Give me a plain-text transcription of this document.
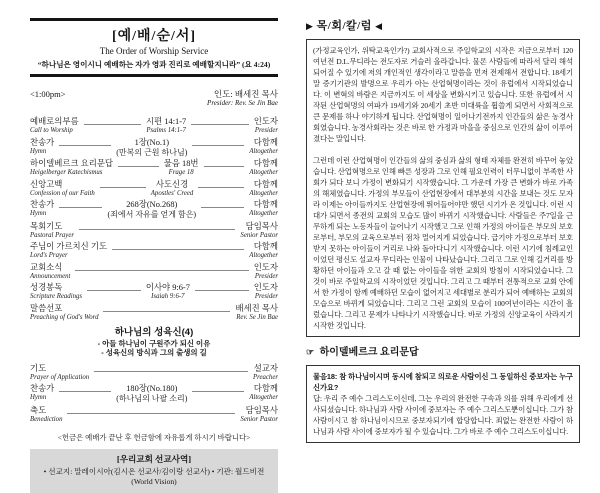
[예/배/순/서]
The Order of Worship Service
“하나님은 영이시니 예배하는 자가 영과 진리로 예배할지니라” (요 4:24)
<1:00pm>	인도: 배세진 목사
Presider: Rev. Se Jin Bae
예배로의부름
Call to Worship
시편 14:1-7
Psalms 14:1-7
인도자
Presider
찬송가
Hymn
1장(No.1)
(만복의 근원 하나님)
다함께
Altogether
하이델베르크 요리문답
Heigelberger Katechismus
물음 18번
Frage 18
다함께
Altogether
신앙고백
Confession of our Faith
사도신경
Apostles' Creed
다함께
Altogether
찬송가
Hymn
268장(No.268)
(죄에서 자유를 얻게 함은)
다함께
Altogether
목회기도
Pastoral Prayer
담임목사
Senior Pastor
주님이 가르치신 기도
Lord's Prayer
다함께
Altogether
교회소식
Announcement
인도자
Presider
성경봉독
Scripture Readings
이사야 9:6-7
Isaiah 9:6-7
인도자
Presider
말씀선포
Preaching of God's Word
배세진 목사
Rev. Se Jin Bae
하나님의 성육신(4)
- 아들 하나님이 구원주가 되신 이유
- 성육신의 방식과 그의 출생의 길
기도
Prayer of Application
설교자
Preacher
찬송가
Hymn
180장(No.180)
(하나님의 나팔 소리)
다함께
Altogether
축도
Benediction
담임목사
Senior Pastor
<헌금은 예배가 끝난 후 헌금함에 자유롭게 하시기 바랍니다>
[우리교회 선교사역]
• 선교지: 말레이시아(김시온 선교사/김이랑 선교사) • 기관: 월드비전(World Vision)
▶ 목/회/칼/럼 ◀

(가정교육인가, 위탁교육인가?) 교회사적으로 주일학교의 시작은 지금으로부터 120여년전 D.L.무디라는 전도자로 거슬러 올라갑니다. 물론 사람들에 따라서 달리 해석되어질 수 있기에 저의 개인적인 생각이라고 말씀을 먼저 전제해서 전합니다. 18세기말 증기기관의 발명으로 우리가 아는 산업혁명이라는 것이 유럽에서 시작되었습니다. 이 변혁의 바람은 지금까지도 이 세상을 변화시키고 있습니다. 또한 유럽에서 시작된 산업혁명의 여파가 19세기와 20세기 초반 미대륙을 휩쓸게 되면서 사회적으로 큰 문제를 하나 야기하게 됩니다. 산업혁명이 일어나기전까지 인간들의 삶은 농경사회였습니다. 농경사회라는 것은 바로 한 가정과 마을을 중심으로 인간의 삶이 이루어졌다는 말입니다.

그런데 이런 산업혁명이 인간들의 삶의 중심과 삶의 형태 자체를 완전히 바꾸어 놓았습니다. 산업혁명으로 인해 빠른 성장과 그로 인해 필요인력이 터무니없이 부족한 사회가 되다 보니 가정이 변화되기 시작했습니다. 그 가운데 가장 큰 변화가 바로 가족의 해체였습니다. 가정의 부모들이 산업현장에서 대부분의 시간을 보내는 것도 모자라 이제는 아이들까지도 산업현장에 뛰어들어야만 했던 시기가 온 것입니다. 이런 시대가 되면서 종전의 교회의 모습도 많이 바뀌기 시작했습니다. 사람들은 주7일을 근무하게 되는 노동자들이 늘어나기 시작했고 그로 인해 가정의 아이들은 부모의 보호로부터, 부모의 교육으로부터 점차 멀어지게 되었습니다. 급기야 가정으로부터 보호받지 못하는 아이들이 거리로 나와 돌아다니기 시작했습니다. 이런 시기에 침례교인이었던 평신도 설교자 무디라는 인물이 나타났습니다. 그리고 그로 인해 길거리를 방황하던 아이들과 오고 갈 때 없는 아이들을 위한 교회의 방침이 시작되었습니다. 그것이 바로 주일학교의 시작이었던 것입니다. 그리고 그 때부터 전통적으로 교회 안에서 한 가정이 함께 예배하던 모습이 없어지고 세대별로 분리가 되어 예배하는 교회의 모습으로 바뀌게 되었습니다. 그리고 그런 교회의 모습이 100여년이라는 시간이 흘렀습니다. 그리고 문제가 나타나기 시작했습니다. 바로 가정의 신앙교육이 사라지기 시작한 것입니다.

☞ 하이델베르크 요리문답

물음18: 참 하나님이시며 동시에 참되고 의로운 사람이신 그 동일하신 중보자는 누구신가요?

답: 우리 주 예수 그리스도이신데, 그는 우리의 완전한 구속과 의를 위해 우리에게 선사되셨습니다. 하나님과 사람 사이에 중보자는 주 예수 그리스도뿐이십니다. 그가 참 사람이시고 참 하나님이시므로 중보자되기에 합당합니다. 죄없는 완전한 사람이 하나님과 사람 사이에 중보자가 될 수 있습니다. 그가 바로 주 예수 그리스도이십니다.
